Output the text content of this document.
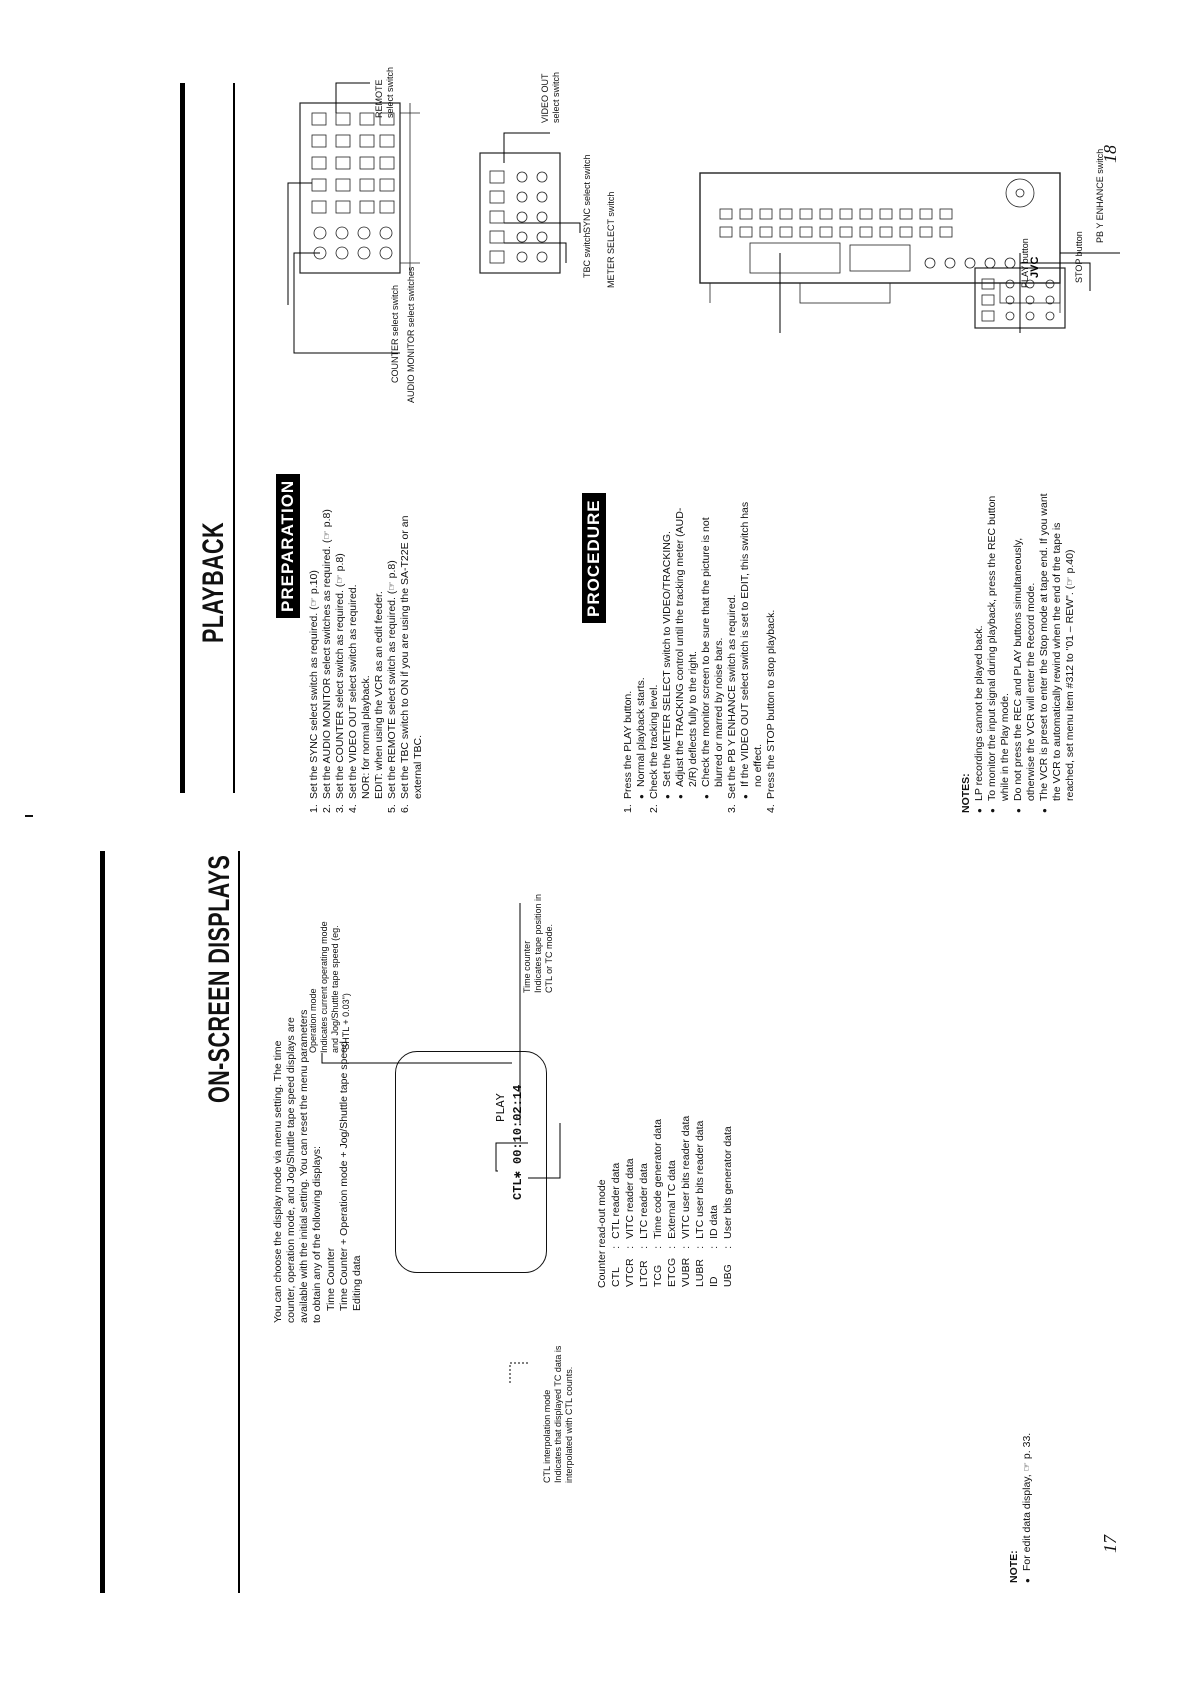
ON-SCREEN DISPLAYS
You can choose the display mode via menu setting. The time counter, operation mode, and Jog/Shuttle tape speed displays are available with the initial setting. You can reset the menu parameters to obtain any of the following displays: Time Counter Time Counter + Operation mode + Jog/Shuttle tape speed Editing data
PLAY CTL✱ 00:10:02:14
Operation mode Indicates current operating mode and Jog/Shuttle tape speed (eg. "SHTL + 0.03")
Time counter Indicates tape position in CTL or TC mode.
Counter read-out mode CTL	:	CTL reader data
VTCR	:	VITC reader data
LTCR	:	LTC reader data
TCG	:	Time code generator data
ETCG	:	External TC data
VUBR	:	VITC user bits reader data
LUBR	:	LTC user bits reader data
ID	:	ID data
UBG	:	User bits generator data
CTL interpolation mode Indicates that displayed TC data is interpolated with CTL counts.
NOTE: ● For edit data display, ☞ p. 33.	17
PLAYBACK	PREPARATION
1.
Set the SYNC select switch as required. (☞ p.10)
2.
Set the AUDIO MONITOR select switches as required. (☞ p.8)
3.
Set the COUNTER select switch as required. (☞ p.8)
4.
Set the VIDEO OUT select switch as required. NOR: for normal playback. EDIT: when using the VCR as an edit feeder.
5.
Set the REMOTE select switch as required. (☞ p.8)
6.
Set the TBC switch to ON if you are using the SA-T22E or an external TBC.
PROCEDURE
1.
Press the PLAY button. ● Normal playback starts.
2.
Check the tracking level. ● Set the METER SELECT switch to VIDEO/TRACKING. ● Adjust the TRACKING control until the tracking meter (AUD-2/R) deflects fully to the right. ● Check the monitor screen to be sure that the picture is not blurred or marred by noise bars.
3.
Set the PB Y ENHANCE switch as required. ● If the VIDEO OUT select switch is set to EDIT, this switch has no effect.
4.
Press the STOP button to stop playback.	NOTES: ● LP recordings cannot be played back. ● To monitor the input signal during playback, press the REC button while in the Play mode. ● Do not press the REC and PLAY buttons simultaneously, otherwise the VCR will enter the Record mode. ● The VCR is preset to enter the Stop mode at tape end. If you want the VCR to automatically rewind when the end of the tape is reached, set menu item #312 to "01 – REW". (☞ p.40)
18
AUDIO MONITOR select switches
COUNTER select switch
REMOTE select switch
TBC switch
SYNC select switch
VIDEO OUT select switch
JVC
METER SELECT switch	PLAY button	STOP button
PB Y ENHANCE switch
